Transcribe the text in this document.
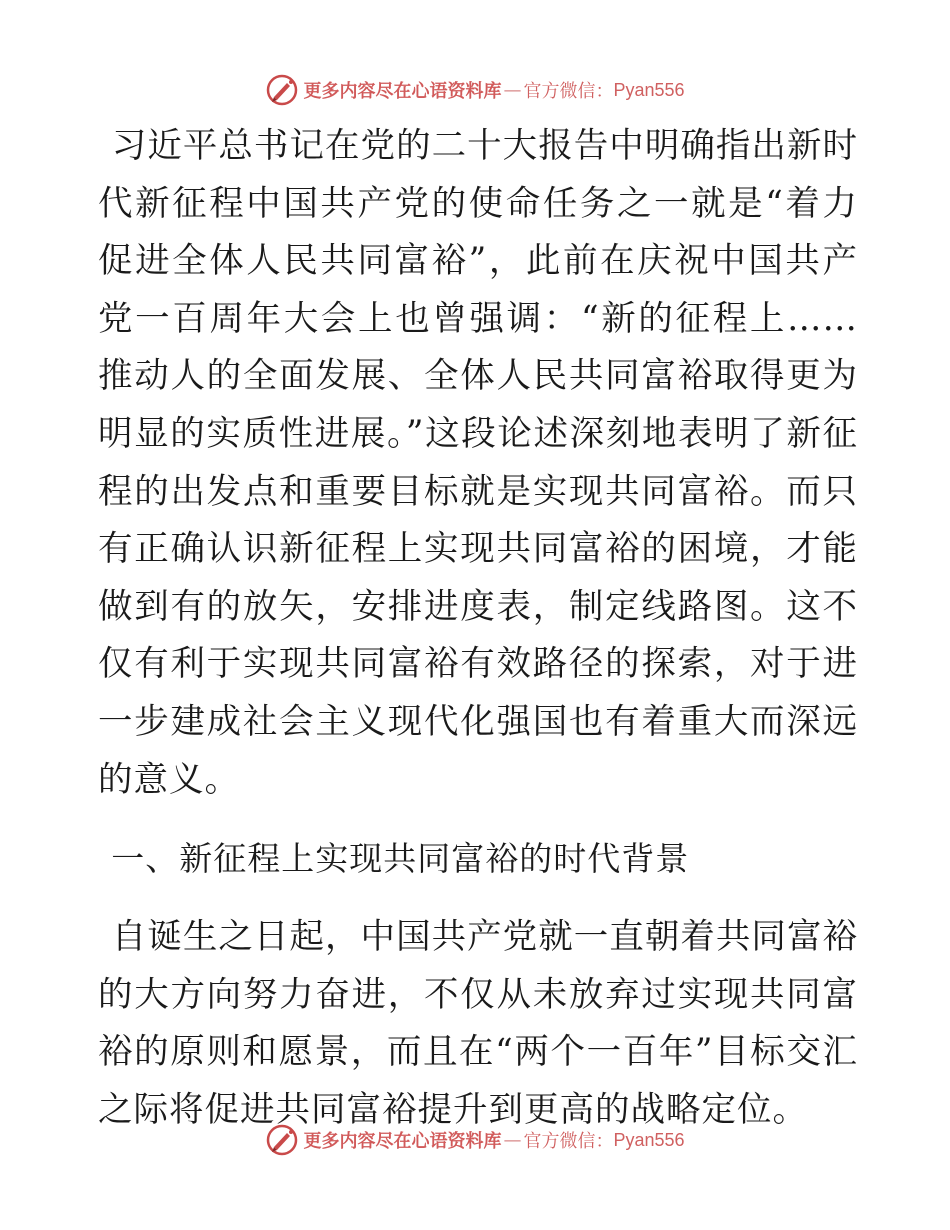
更多内容尽在心语资料库 — 官方微信： Pyan556

习近平总书记在党的二十大报告中明确指出新时代新征程中国共产党的使命任务之一就是“着力促进全体人民共同富裕”，此前在庆祝中国共产党一百周年大会上也曾强调：“新的征程上……推动人的全面发展、全体人民共同富裕取得更为明显的实质性进展。”这段论述深刻地表明了新征程的出发点和重要目标就是实现共同富裕。而只有正确认识新征程上实现共同富裕的困境，才能做到有的放矢，安排进度表，制定线路图。这不仅有利于实现共同富裕有效路径的探索，对于进一步建成社会主义现代化强国也有着重大而深远的意义。

一、新征程上实现共同富裕的时代背景

自诞生之日起，中国共产党就一直朝着共同富裕的大方向努力奋进，不仅从未放弃过实现共同富裕的原则和愿景，而且在“两个一百年”目标交汇之际将促进共同富裕提升到更高的战略定位。

更多内容尽在心语资料库 — 官方微信： Pyan556
